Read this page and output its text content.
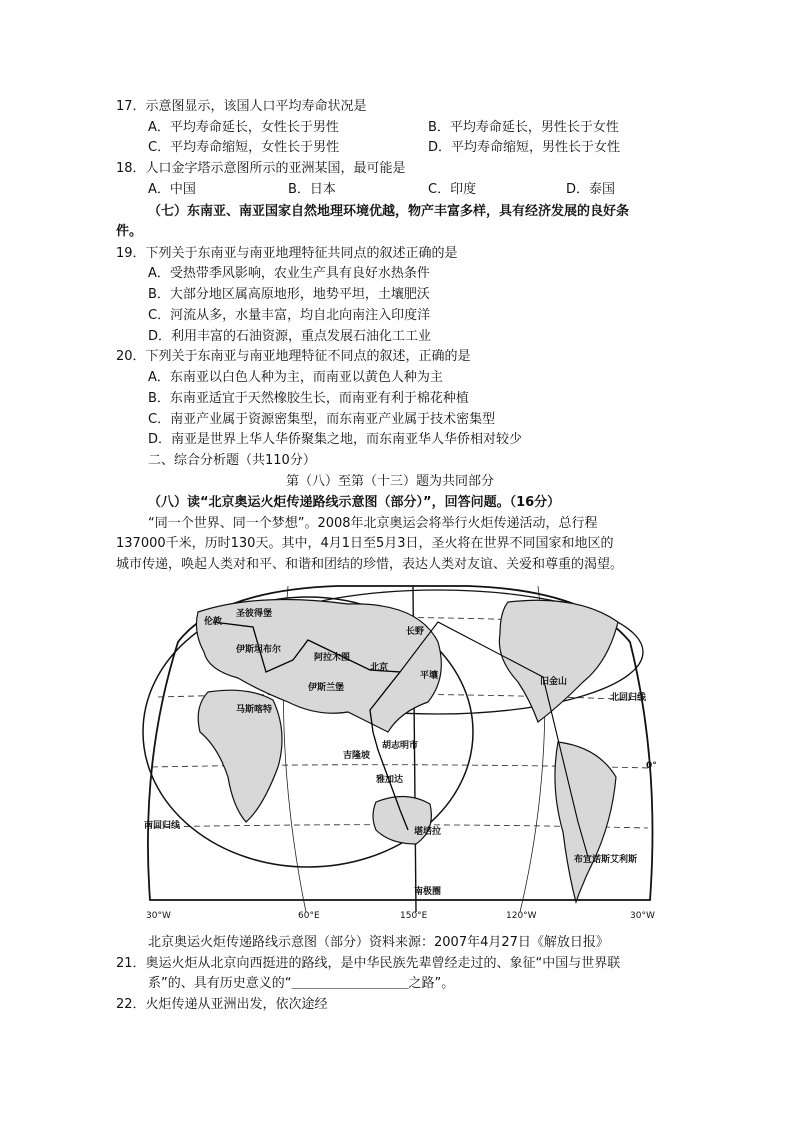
17．示意图显示，该国人口平均寿命状况是
A．平均寿命延长，女性长于男性	B．平均寿命延长，男性长于女性
C．平均寿命缩短，女性长于男性	D．平均寿命缩短，男性长于女性
18．人口金字塔示意图所示的亚洲某国，最可能是
A．中国	B．日本	C．印度	D．泰国
（七）东南亚、南亚国家自然地理环境优越，物产丰富多样，具有经济发展的良好条
件。
19．下列关于东南亚与南亚地理特征共同点的叙述正确的是
A．受热带季风影响，农业生产具有良好水热条件
B．大部分地区属高原地形，地势平坦，土壤肥沃
C．河流从多，水量丰富，均自北向南注入印度洋
D．利用丰富的石油资源，重点发展石油化工工业
20．下列关于东南亚与南亚地理特征不同点的叙述，正确的是
A．东南亚以白色人种为主，而南亚以黄色人种为主
B．东南亚适宜于天然橡胶生长，而南亚有利于棉花种植
C．南亚产业属于资源密集型，而东南亚产业属于技术密集型
D．南亚是世界上华人华侨聚集之地，而东南亚华人华侨相对较少
二、综合分析题（共110分）
第（八）至第（十三）题为共同部分
（八）读“北京奥运火炬传递路线示意图（部分）”，回答问题。（16分）
“同一个世界、同一个梦想”。2008年北京奥运会将举行火炬传递活动，总行程
137000千米，历时130天。其中，4月1日至5月3日，圣火将在世界不同国家和地区的
城市传递，唤起人类对和平、和谐和团结的珍惜，表达人类对友谊、关爱和尊重的渴望。
伦敦
圣彼得堡
阿拉木图
北京
伊斯坦布尔
伊斯兰堡
平壤
马斯喀特
旧金山
北回归线
吉隆坡
胡志明市
雅加达
堪培拉
南回归线
布宜诺斯艾利斯
南极圈
长野
0°
30°W	60°E	150°E	120°W	30°W
北京奥运火炬传递路线示意图（部分）资料来源：2007年4月27日《解放日报》
21．奥运火炬从北京向西挺进的路线，是中华民族先辈曾经走过的、象征“中国与世界联
系”的、具有历史意义的“＿＿＿＿＿＿＿＿＿之路”。
22．火炬传递从亚洲出发，依次途经
